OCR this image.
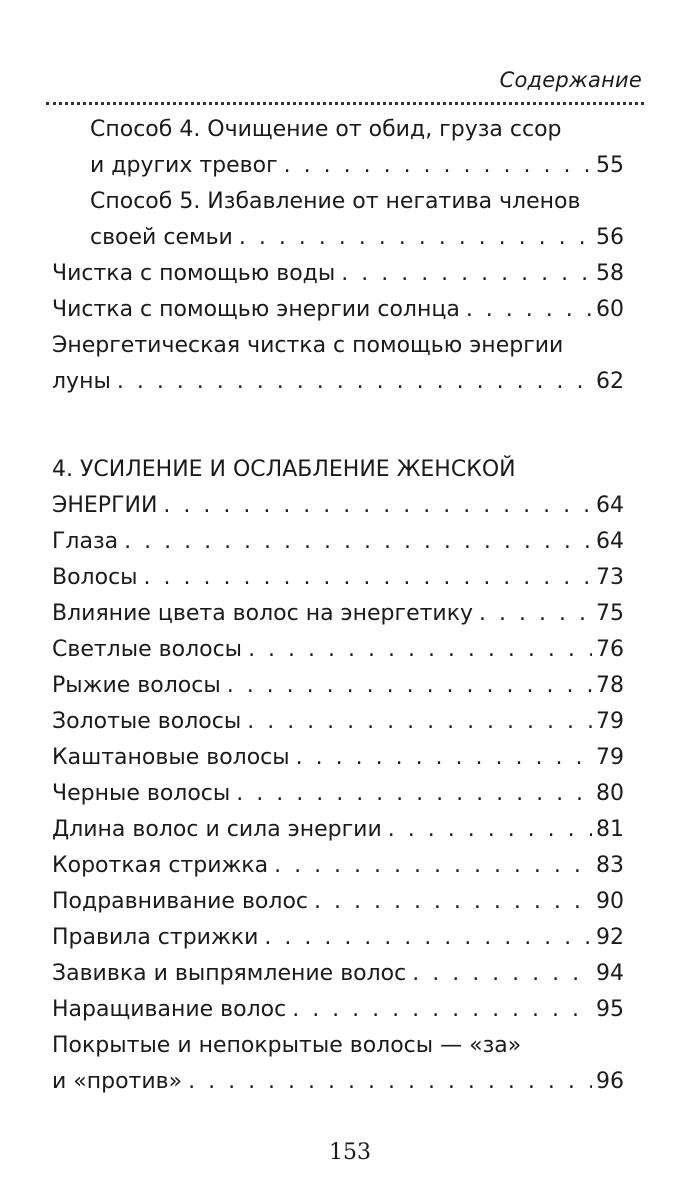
Содержание
Способ 4. Очищение от обид, груза ссор
и других тревог . . .	55
Способ 5. Избавление от негатива членов
своей семьи . . .	56
Чистка с помощью воды . . .	58
Чистка с помощью энергии солнца . . .	60
Энергетическая чистка с помощью энергии
луны . . .	62
4. УСИЛЕНИЕ И ОСЛАБЛЕНИЕ ЖЕНСКОЙ
ЭНЕРГИИ . . .	64
Глаза . . .	64
Волосы . . .	73
Влияние цвета волос на энергетику . . .	75
Светлые волосы . . .	76
Рыжие волосы . . .	78
Золотые волосы . . .	79
Каштановые волосы . . .	79
Черные волосы . . .	80
Длина волос и сила энергии . . .	81
Короткая стрижка . . .	83
Подравнивание волос . . .	90
Правила стрижки . . .	92
Завивка и выпрямление волос . . .	94
Наращивание волос . . .	95
Покрытые и непокрытые волосы — «за»
и «против» . . .	96
153
